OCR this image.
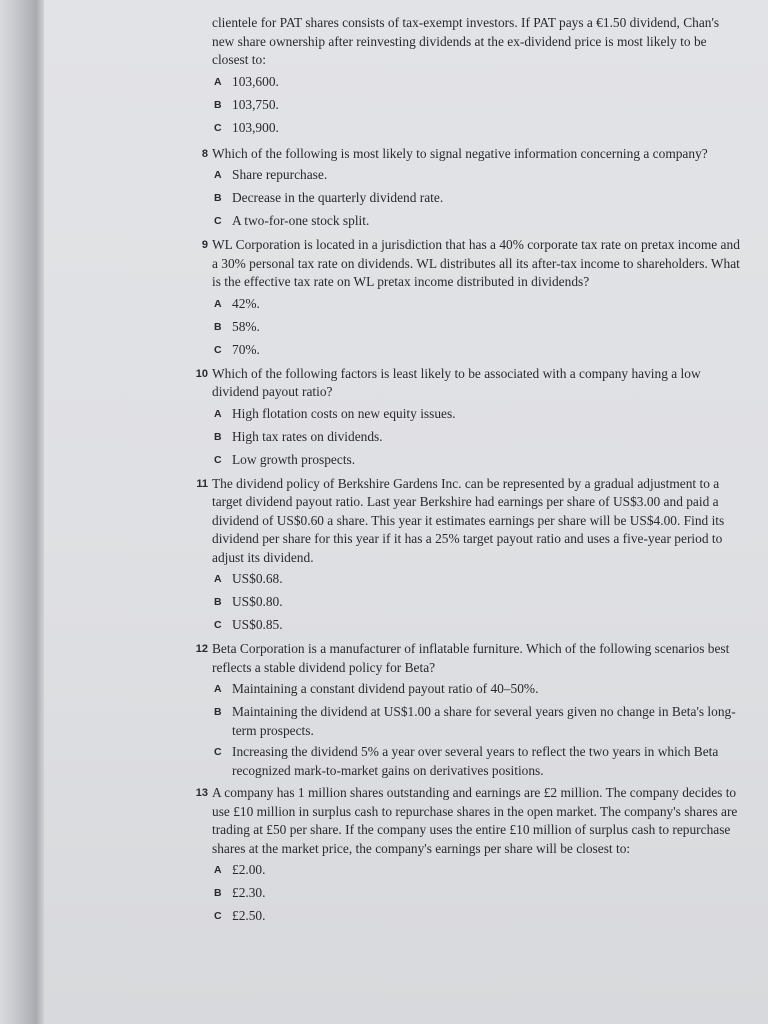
clientele for PAT shares consists of tax-exempt investors. If PAT pays a €1.50 dividend, Chan's new share ownership after reinvesting dividends at the ex-dividend price is most likely to be closest to:
A 103,600.
B 103,750.
C 103,900.
8 Which of the following is most likely to signal negative information concerning a company?
A Share repurchase.
B Decrease in the quarterly dividend rate.
C A two-for-one stock split.
9 WL Corporation is located in a jurisdiction that has a 40% corporate tax rate on pretax income and a 30% personal tax rate on dividends. WL distributes all its after-tax income to shareholders. What is the effective tax rate on WL pretax income distributed in dividends?
A 42%.
B 58%.
C 70%.
10 Which of the following factors is least likely to be associated with a company having a low dividend payout ratio?
A High flotation costs on new equity issues.
B High tax rates on dividends.
C Low growth prospects.
11 The dividend policy of Berkshire Gardens Inc. can be represented by a gradual adjustment to a target dividend payout ratio. Last year Berkshire had earnings per share of US$3.00 and paid a dividend of US$0.60 a share. This year it estimates earnings per share will be US$4.00. Find its dividend per share for this year if it has a 25% target payout ratio and uses a five-year period to adjust its dividend.
A US$0.68.
B US$0.80.
C US$0.85.
12 Beta Corporation is a manufacturer of inflatable furniture. Which of the following scenarios best reflects a stable dividend policy for Beta?
A Maintaining a constant dividend payout ratio of 40–50%.
B Maintaining the dividend at US$1.00 a share for several years given no change in Beta's long-term prospects.
C Increasing the dividend 5% a year over several years to reflect the two years in which Beta recognized mark-to-market gains on derivatives positions.
13 A company has 1 million shares outstanding and earnings are £2 million. The company decides to use £10 million in surplus cash to repurchase shares in the open market. The company's shares are trading at £50 per share. If the company uses the entire £10 million of surplus cash to repurchase shares at the market price, the company's earnings per share will be closest to:
A £2.00.
B £2.30.
C £2.50.
